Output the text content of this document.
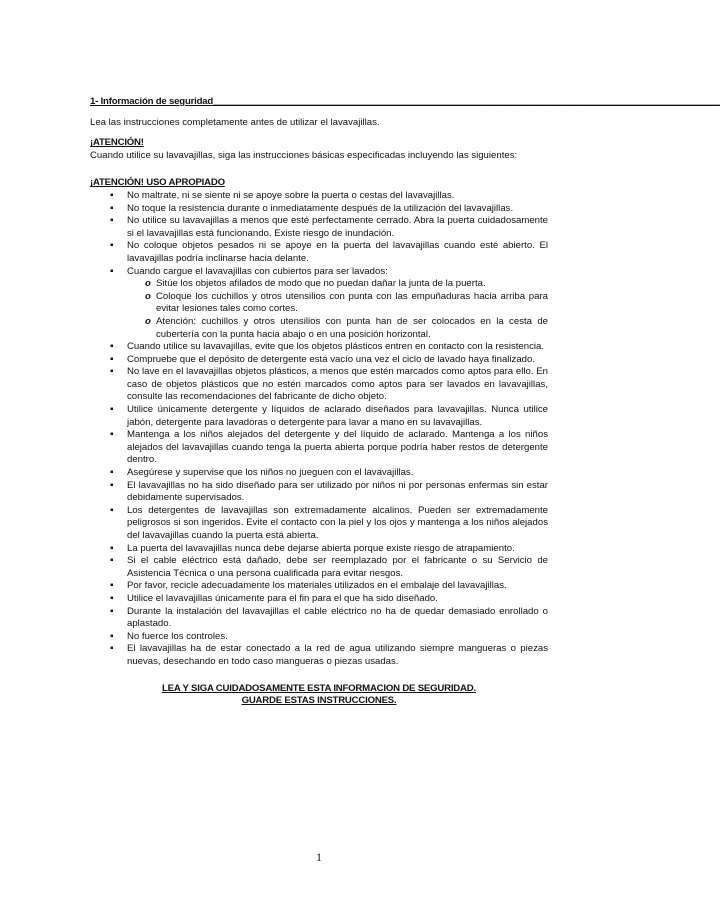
1- Información de seguridad_______________________________________________________________________________________________
Lea las instrucciones completamente antes de utilizar el lavavajillas.
¡ATENCIÓN!
Cuando utilice su lavavajillas, siga las instrucciones básicas especificadas incluyendo las siguientes:
¡ATENCIÓN! USO APROPIADO
▪ No maltrate, ni se siente ni se apoye sobre la puerta o cestas del lavavajillas.
▪ No toque la resistencia durante o inmediatamente después de la utilización del lavavajillas.
▪ No utilice su lavavajillas a menos que esté perfectamente cerrado. Abra la puerta cuidadosamente si el lavavajillas está funcionando. Existe riesgo de inundación.
▪ No coloque objetos pesados ni se apoye en la puerta del lavavajillas cuando esté abierto. El lavavajillas podría inclinarse hacia delante.
▪ Cuando cargue el lavavajillas con cubiertos para ser lavados:
o Sitúe los objetos afilados de modo que no puedan dañar la junta de la puerta.
o Coloque los cuchillos y otros utensilios con punta con las empuñaduras hacia arriba para evitar lesiones tales como cortes.
o Atención: cuchillos y otros utensilios con punta han de ser colocados en la cesta de cubertería con la punta hacia abajo o en una posición horizontal.
▪ Cuando utilice su lavavajillas, evite que los objetos plásticos entren en contacto con la resistencia.
▪ Compruebe que el depósito de detergente está vacío una vez el ciclo de lavado haya finalizado.
▪ No lave en el lavavajillas objetos plásticos, a menos que estén marcados como aptos para ello. En caso de objetos plásticos que no estén marcados como aptos para ser lavados en lavavajillas, consulte las recomendaciones del fabricante de dicho objeto.
▪ Utilice únicamente detergente y líquidos de aclarado diseñados para lavavajillas. Nunca utilice jabón, detergente para lavadoras o detergente para lavar a mano en su lavavajillas.
▪ Mantenga a los niños alejados del detergente y del líquido de aclarado. Mantenga a los niños alejados del lavavajillas cuando tenga la puerta abierta porque podría haber restos de detergente dentro.
▪ Asegúrese y supervise que los niños no jueguen con el lavavajillas.
▪ El lavavajillas no ha sido diseñado para ser utilizado por niños ni por personas enfermas sin estar debidamente supervisados.
▪ Los detergentes de lavavajillas son extremadamente alcalinos. Pueden ser extremadamente peligrosos si son ingeridos. Evite el contacto con la piel y los ojos y mantenga a los niños alejados del lavavajillas cuando la puerta está abierta.
▪ La puerta del lavavajillas nunca debe dejarse abierta porque existe riesgo de atrapamiento.
▪ Si el cable eléctrico está dañado, debe ser reemplazado por el fabricante o su Servicio de Asistencia Técnica o una persona cualificada para evitar riesgos.
▪ Por favor, recicle adecuadamente los materiales utilizados en el embalaje del lavavajillas.
▪ Utilice el lavavajillas únicamente para el fin para el que ha sido diseñado.
▪ Durante la instalación del lavavajillas el cable eléctrico no ha de quedar demasiado enrollado o aplastado.
▪ No fuerce los controles.
▪ El lavavajillas ha de estar conectado a la red de agua utilizando siempre mangueras o piezas nuevas, desechando en todo caso mangueras o piezas usadas.
LEA Y SIGA CUIDADOSAMENTE ESTA INFORMACION DE SEGURIDAD.
GUARDE ESTAS INSTRUCCIONES.
1
